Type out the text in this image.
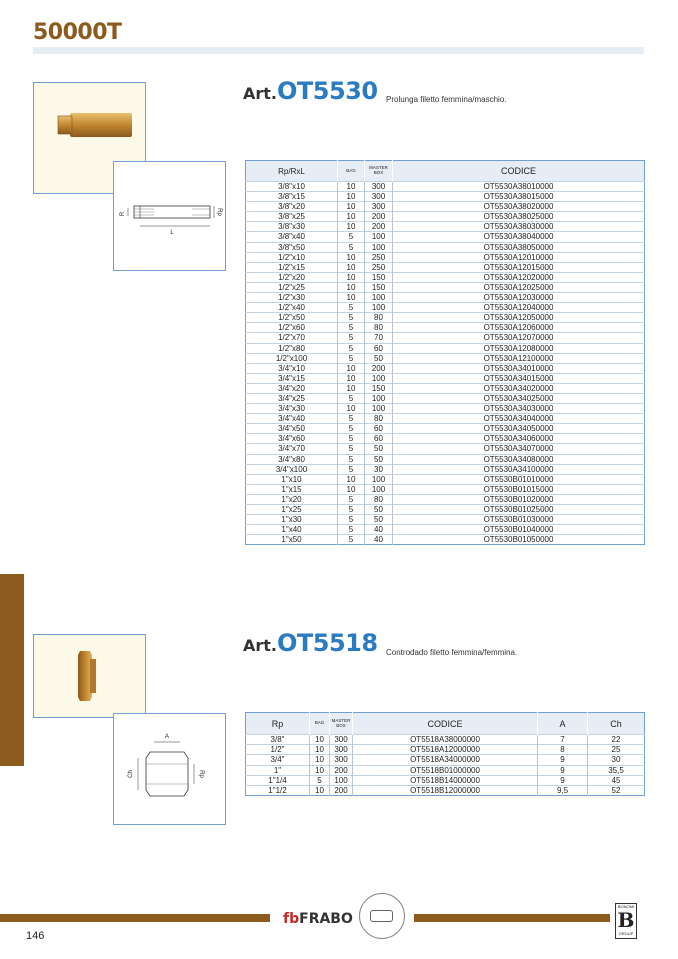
50000T
R
L
Rp
Art.OT5530 Prolunga filetto femmina/maschio.
Rp/RxL	BAG	MASTER BOX	CODICE
3/8"x10	10	300	OT5530A38010000
3/8"x15	10	300	OT5530A38015000
3/8"x20	10	300	OT5530A38020000
3/8"x25	10	200	OT5530A38025000
3/8"x30	10	200	OT5530A38030000
3/8"x40	5	100	OT5530A38040000
3/8"x50	5	100	OT5530A38050000
1/2"x10	10	250	OT5530A12010000
1/2"x15	10	250	OT5530A12015000
1/2"x20	10	150	OT5530A12020000
1/2"x25	10	150	OT5530A12025000
1/2"x30	10	100	OT5530A12030000
1/2"x40	5	100	OT5530A12040000
1/2"x50	5	80	OT5530A12050000
1/2"x60	5	80	OT5530A12060000
1/2"x70	5	70	OT5530A12070000
1/2"x80	5	60	OT5530A12080000
1/2"x100	5	50	OT5530A12100000
3/4"x10	10	200	OT5530A34010000
3/4"x15	10	100	OT5530A34015000
3/4"x20	10	150	OT5530A34020000
3/4"x25	5	100	OT5530A34025000
3/4"x30	10	100	OT5530A34030000
3/4"x40	5	80	OT5530A34040000
3/4"x50	5	60	OT5530A34050000
3/4"x60	5	60	OT5530A34060000
3/4"x70	5	50	OT5530A34070000
3/4"x80	5	50	OT5530A34080000
3/4"x100	5	30	OT5530A34100000
1"x10	10	100	OT5530B01010000
1"x15	10	100	OT5530B01015000
1"x20	5	80	OT5530B01020000
1"x25	5	50	OT5530B01025000
1"x30	5	50	OT5530B01030000
1"x40	5	40	OT5530B01040000
1"x50	5	40	OT5530B01050000
A
Ch	Rp
Art.OT5518 Controdado filetto femmina/femmina.
Rp	BAG	MASTER BOX	CODICE	A	Ch
3/8"	10	300	OT5518A38000000	7	22
1/2"	10	300	OT5518A12000000	8	25
3/4"	10	300	OT5518A34000000	9	30
1"	10	200	OT5518B01000000	9	35,5
1"1/4	5	100	OT5518B14000000	9	45
1"1/2	10	200	OT5518B12000000	9,5	52
146
fbFRABO
BONOMI
B
GROUP
